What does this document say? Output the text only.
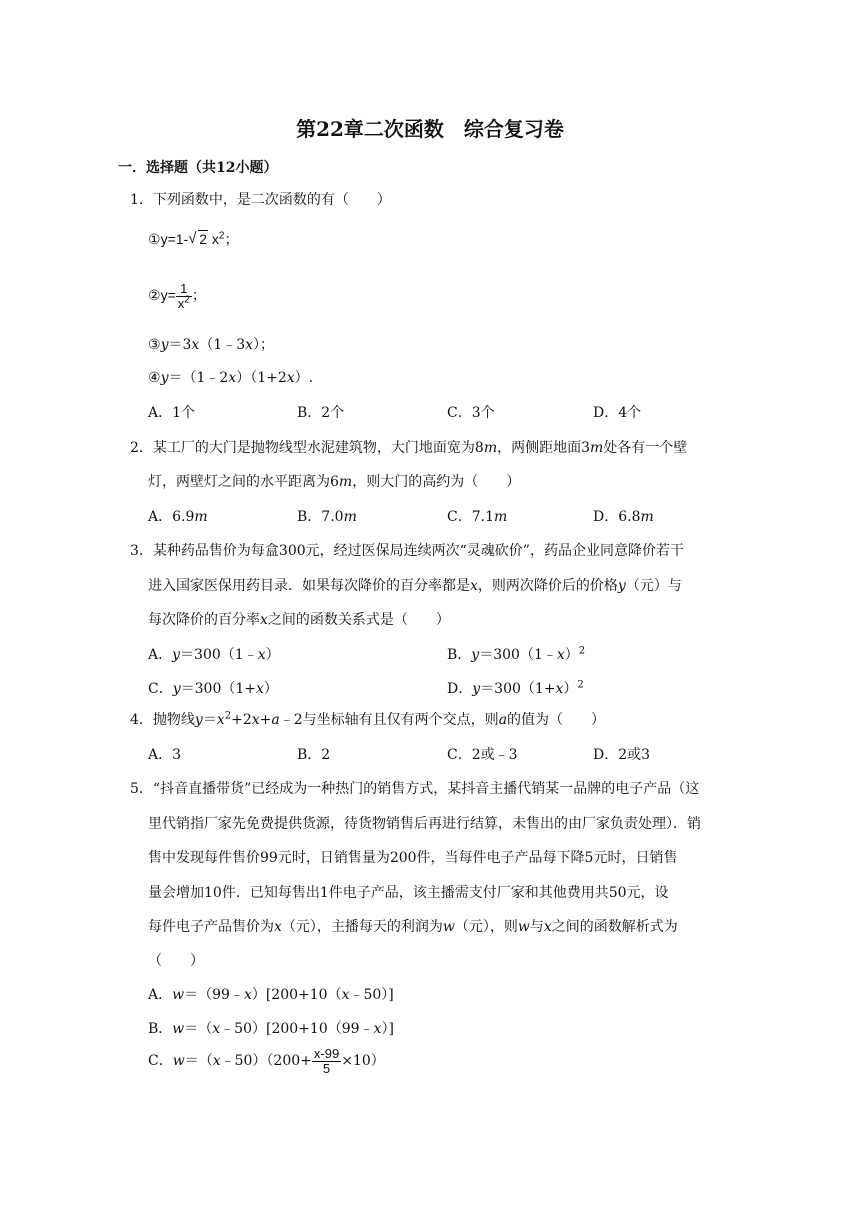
第22章二次函数　综合复习卷
一．选择题（共12小题）
1．下列函数中，是二次函数的有（　　）
①y=1- √ 2 $x^2$；
②y= $\frac{1}{x^2}$ ；
③y＝3x（1﹣3x）；
④y＝（1﹣2x）（1+2x）.
A．1个	B．2个	C．3个	D．4个
2．某工厂的大门是抛物线型水泥建筑物，大门地面宽为8m，两侧距地面3m处各有一个壁
灯，两壁灯之间的水平距离为6m，则大门的高约为（　　）
A．6.9m	B．7.0m	C．7.1m	D．6.8m
3．某种药品售价为每盒300元，经过医保局连续两次“灵魂砍价”，药品企业同意降价若干
进入国家医保用药目录．如果每次降价的百分率都是x，则两次降价后的价格y（元）与
每次降价的百分率x之间的函数关系式是（　　）
A．y＝300（1﹣x）	B．y＝300（1﹣x）$^2$
C．y＝300（1+x）	D．$y=300(1+x)^2$
4．抛物线$y=x^2+2x+a﹣2$与坐标轴有且仅有两个交点，则a的值为（　　）
A．3	B．2	C．2或﹣3	D．2或3
5．“抖音直播带货”已经成为一种热门的销售方式，某抖音主播代销某一品牌的电子产品（这
里代销指厂家先免费提供货源，待货物销售后再进行结算，未售出的由厂家负责处理）．销
售中发现每件售价99元时，日销售量为200件，当每件电子产品每下降5元时，日销售
量会增加10件．已知每售出1件电子产品，该主播需支付厂家和其他费用共50元，设
每件电子产品售价为x（元），主播每天的利润为w（元），则w与x之间的函数解析式为
（　　）
A．w＝（99﹣x）[200+10（x﹣50）]
B．w＝（x﹣50）[200+10（99﹣x）]
C．w＝（x﹣50）（200+ $\frac{x-99}{5} \times 10$）
